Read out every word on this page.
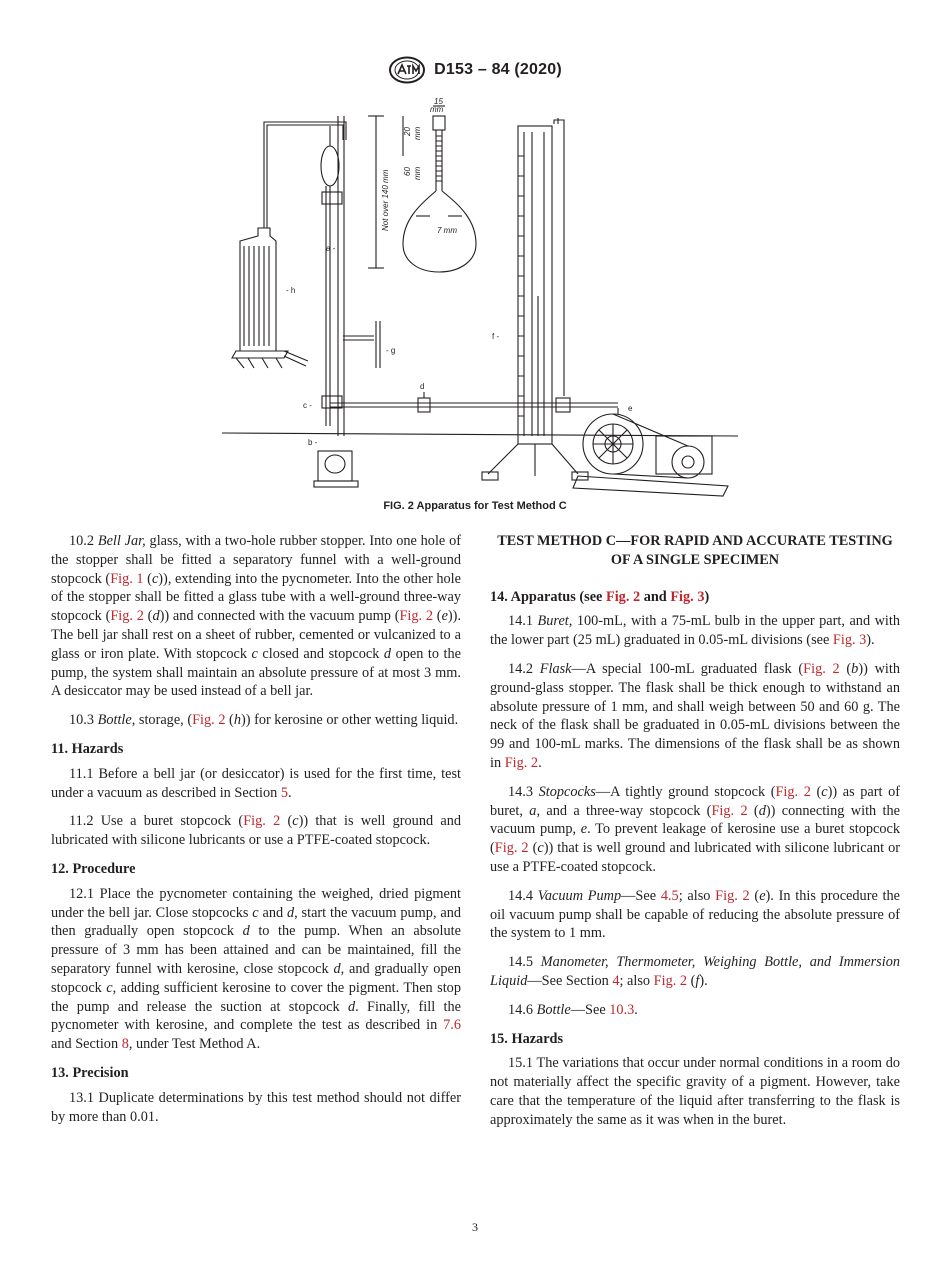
D153 – 84 (2020)
a -
b -
c -
d
e
f -
- g
- h
15
mm
20 mm
60 mm
Not over 140 mm	7 mm
FIG. 2 Apparatus for Test Method C

10.2 Bell Jar, glass, with a two-hole rubber stopper. Into one hole of the stopper shall be fitted a separatory funnel with a well-ground stopcock (Fig. 1 (c)), extending into the pycnometer. Into the other hole of the stopper shall be fitted a glass tube with a well-ground three-way stopcock (Fig. 2 (d)) and connected with the vacuum pump (Fig. 2 (e)). The bell jar shall rest on a sheet of rubber, cemented or vulcanized to a glass or iron plate. With stopcock c closed and stopcock d open to the pump, the system shall maintain an absolute pressure of at most 3 mm. A desiccator may be used instead of a bell jar.

10.3 Bottle, storage, (Fig. 2 (h)) for kerosine or other wetting liquid.

11. Hazards

11.1 Before a bell jar (or desiccator) is used for the first time, test under a vacuum as described in Section 5.

11.2 Use a buret stopcock (Fig. 2 (c)) that is well ground and lubricated with silicone lubricants or use a PTFE-coated stopcock.

12. Procedure

12.1 Place the pycnometer containing the weighed, dried pigment under the bell jar. Close stopcocks c and d, start the vacuum pump, and then gradually open stopcock d to the pump. When an absolute pressure of 3 mm has been attained and can be maintained, fill the separatory funnel with kerosine, close stopcock d, and gradually open stopcock c, adding sufficient kerosine to cover the pigment. Then stop the pump and release the suction at stopcock d. Finally, fill the pycnometer with kerosine, and complete the test as described in 7.6 and Section 8, under Test Method A.

13. Precision

13.1 Duplicate determinations by this test method should not differ by more than 0.01.

TEST METHOD C—FOR RAPID AND ACCURATE TESTING OF A SINGLE SPECIMEN
14. Apparatus (see Fig. 2 and Fig. 3)

14.1 Buret, 100-mL, with a 75-mL bulb in the upper part, and with the lower part (25 mL) graduated in 0.05-mL divisions (see Fig. 3).

14.2 Flask—A special 100-mL graduated flask (Fig. 2 (b)) with ground-glass stopper. The flask shall be thick enough to withstand an absolute pressure of 1 mm, and shall weigh between 50 and 60 g. The neck of the flask shall be graduated in 0.05-mL divisions between the 99 and 100-mL marks. The dimensions of the flask shall be as shown in Fig. 2.

14.3 Stopcocks—A tightly ground stopcock (Fig. 2 (c)) as part of buret, a, and a three-way stopcock (Fig. 2 (d)) connecting with the vacuum pump, e. To prevent leakage of kerosine use a buret stopcock (Fig. 2 (c)) that is well ground and lubricated with silicone lubricant or use a PTFE-coated stopcock.

14.4 Vacuum Pump—See 4.5; also Fig. 2 (e). In this procedure the oil vacuum pump shall be capable of reducing the absolute pressure of the system to 1 mm.

14.5 Manometer, Thermometer, Weighing Bottle, and Immersion Liquid—See Section 4; also Fig. 2 (f).

14.6 Bottle—See 10.3.

15. Hazards

15.1 The variations that occur under normal conditions in a room do not materially affect the specific gravity of a pigment. However, take care that the temperature of the liquid after transferring to the flask is approximately the same as it was when in the buret.

3
